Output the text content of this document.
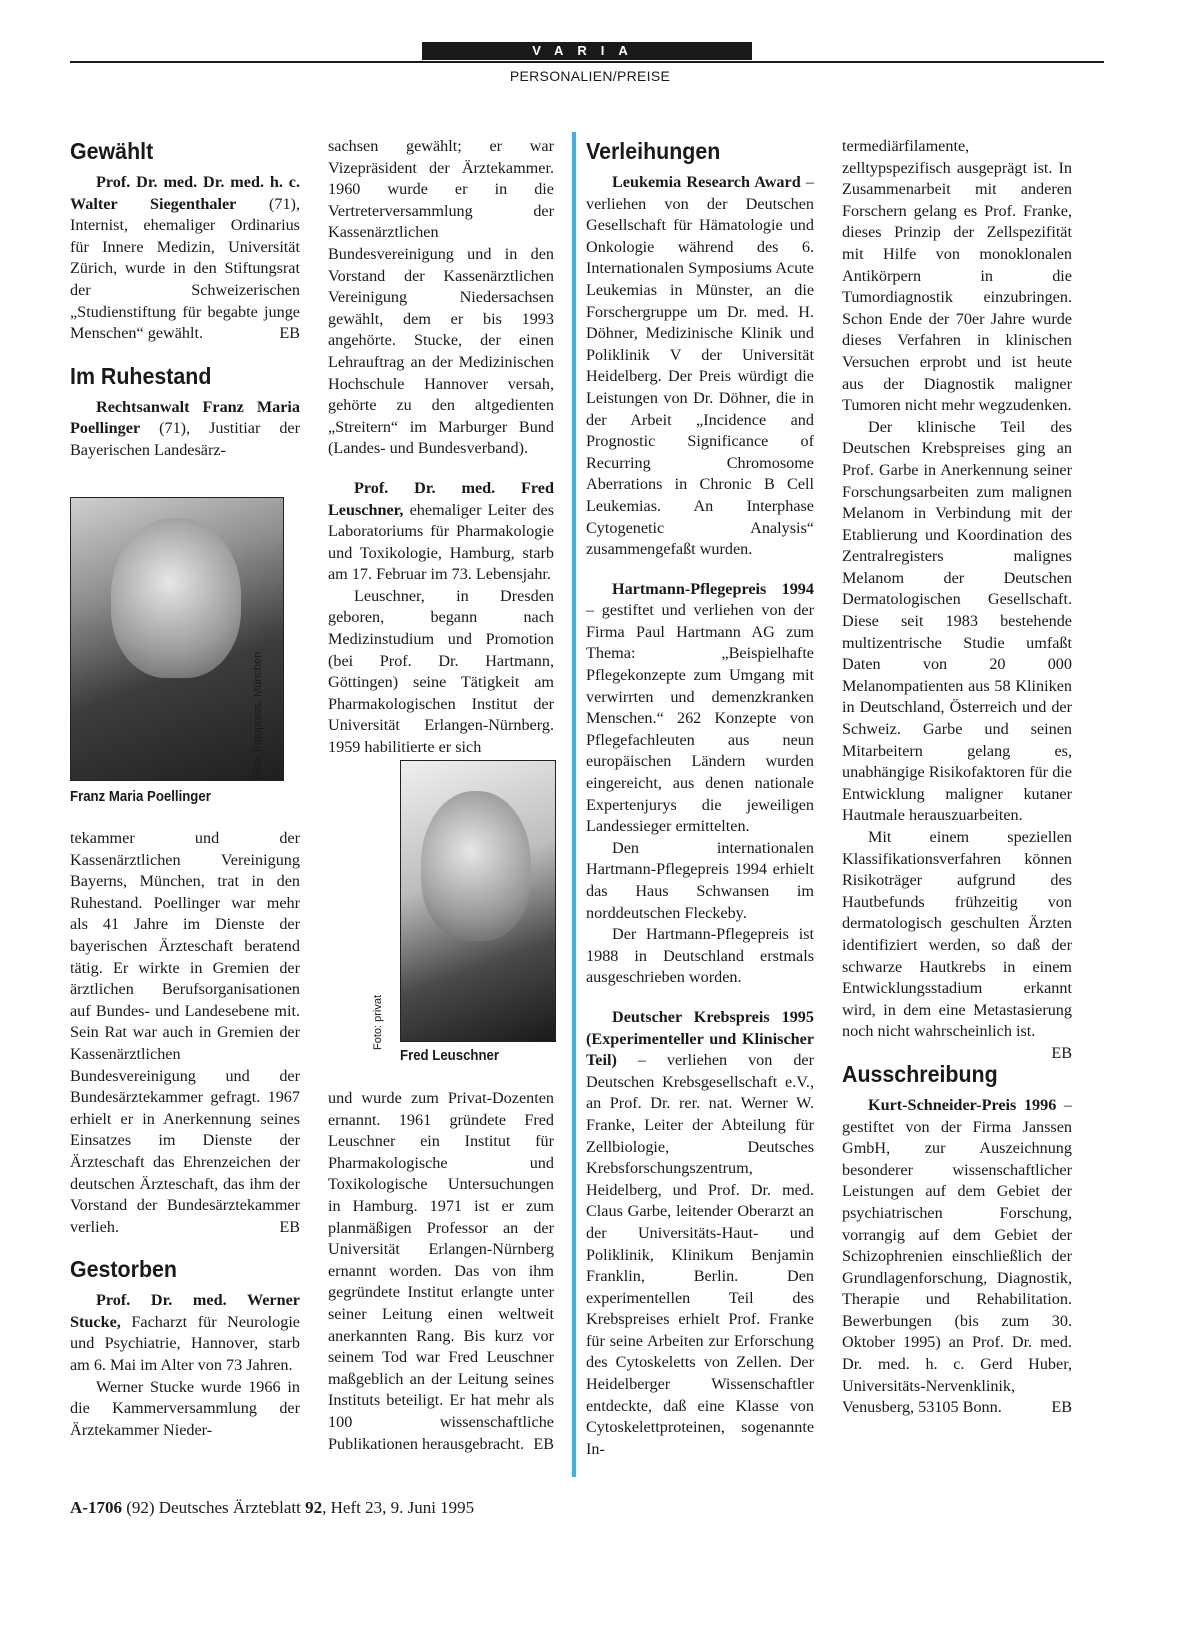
VARIA
PERSONALIEN/PREISE
Gewählt

Prof. Dr. med. Dr. med. h. c. Walter Siegenthaler (71), Internist, ehemaliger Ordinarius für Innere Medizin, Universität Zürich, wurde in den Stiftungsrat der Schweizerischen „Studienstiftung für begabte junge Menschen“ gewählt.	EB

Im Ruhestand

Rechtsanwalt Franz Maria Poellinger (71), Justitiar der Bayerischen Landesärz-

Foto: Fotopress, München
Franz Maria Poellinger

tekammer und der Kassenärztlichen Vereinigung Bayerns, München, trat in den Ruhestand. Poellinger war mehr als 41 Jahre im Dienste der bayerischen Ärzteschaft beratend tätig. Er wirkte in Gremien der ärztlichen Berufsorganisationen auf Bundes- und Landesebene mit. Sein Rat war auch in Gremien der Kassenärztlichen Bundesvereinigung und der Bundesärztekammer gefragt. 1967 erhielt er in Anerkennung seines Einsatzes im Dienste der Ärzteschaft das Ehrenzeichen der deutschen Ärzteschaft, das ihm der Vorstand der Bundesärztekammer verlieh.	EB

Gestorben

Prof. Dr. med. Werner Stucke, Facharzt für Neurologie und Psychiatrie, Hannover, starb am 6. Mai im Alter von 73 Jahren.

Werner Stucke wurde 1966 in die Kammerversammlung der Ärztekammer Nieder-

sachsen gewählt; er war Vizepräsident der Ärztekammer. 1960 wurde er in die Vertreterversammlung der Kassenärztlichen Bundesvereinigung und in den Vorstand der Kassenärztlichen Vereinigung Niedersachsen gewählt, dem er bis 1993 angehörte. Stucke, der einen Lehrauftrag an der Medizinischen Hochschule Hannover versah, gehörte zu den altgedienten „Streitern“ im Marburger Bund (Landes- und Bundesverband).

Prof. Dr. med. Fred Leuschner, ehemaliger Leiter des Laboratoriums für Pharmakologie und Toxikologie, Hamburg, starb am 17. Februar im 73. Lebensjahr.

Leuschner, in Dresden geboren, begann nach Medizinstudium und Promotion (bei Prof. Dr. Hartmann, Göttingen) seine Tätigkeit am Pharmakologischen Institut der Universität Erlangen-Nürnberg. 1959 habilitierte er sich

Foto: privat
Fred Leuschner

und wurde zum Privat-Dozenten ernannt. 1961 gründete Fred Leuschner ein Institut für Pharmakologische und Toxikologische Untersuchungen in Hamburg. 1971 ist er zum planmäßigen Professor an der Universität Erlangen-Nürnberg ernannt worden. Das von ihm gegründete Institut erlangte unter seiner Leitung einen weltweit anerkannten Rang. Bis kurz vor seinem Tod war Fred Leuschner maßgeblich an der Leitung seines Instituts beteiligt. Er hat mehr als 100 wissenschaftliche Publikationen herausgebracht. EB

Verleihungen

Leukemia Research Award – verliehen von der Deutschen Gesellschaft für Hämatologie und Onkologie während des 6. Internationalen Symposiums Acute Leukemias in Münster, an die Forschergruppe um Dr. med. H. Döhner, Medizinische Klinik und Poliklinik V der Universität Heidelberg. Der Preis würdigt die Leistungen von Dr. Döhner, die in der Arbeit „Incidence and Prognostic Significance of Recurring Chromosome Aberrations in Chronic B Cell Leukemias. An Interphase Cytogenetic Analysis“ zusammengefaßt wurden.

Hartmann-Pflegepreis 1994 – gestiftet und verliehen von der Firma Paul Hartmann AG zum Thema: „Beispielhafte Pflegekonzepte zum Umgang mit verwirrten und demenzkranken Menschen.“ 262 Konzepte von Pflegefachleuten aus neun europäischen Ländern wurden eingereicht, aus denen nationale Expertenjurys die jeweiligen Landessieger ermittelten.

Den internationalen Hartmann-Pflegepreis 1994 erhielt das Haus Schwansen im norddeutschen Fleckeby.

Der Hartmann-Pflegepreis ist 1988 in Deutschland erstmals ausgeschrieben worden.

Deutscher Krebspreis 1995 (Experimenteller und Klinischer Teil) – verliehen von der Deutschen Krebsgesellschaft e.V., an Prof. Dr. rer. nat. Werner W. Franke, Leiter der Abteilung für Zellbiologie, Deutsches Krebsforschungszentrum, Heidelberg, und Prof. Dr. med. Claus Garbe, leitender Oberarzt an der Universitäts-Haut- und Poliklinik, Klinikum Benjamin Franklin, Berlin. Den experimentellen Teil des Krebspreises erhielt Prof. Franke für seine Arbeiten zur Erforschung des Cytoskeletts von Zellen. Der Heidelberger Wissenschaftler entdeckte, daß eine Klasse von Cytoskelettproteinen, sogenannte In-

termediärfilamente, zelltypspezifisch ausgeprägt ist. In Zusammenarbeit mit anderen Forschern gelang es Prof. Franke, dieses Prinzip der Zellspezifität mit Hilfe von monoklonalen Antikörpern in die Tumordiagnostik einzubringen. Schon Ende der 70er Jahre wurde dieses Verfahren in klinischen Versuchen erprobt und ist heute aus der Diagnostik maligner Tumoren nicht mehr wegzudenken.

Der klinische Teil des Deutschen Krebspreises ging an Prof. Garbe in Anerkennung seiner Forschungsarbeiten zum malignen Melanom in Verbindung mit der Etablierung und Koordination des Zentralregisters malignes Melanom der Deutschen Dermatologischen Gesellschaft. Diese seit 1983 bestehende multizentrische Studie umfaßt Daten von 20 000 Melanompatienten aus 58 Kliniken in Deutschland, Österreich und der Schweiz. Garbe und seinen Mitarbeitern gelang es, unabhängige Risikofaktoren für die Entwicklung maligner kutaner Hautmale herauszuarbeiten.

Mit einem speziellen Klassifikationsverfahren können Risikoträger aufgrund des Hautbefunds frühzeitig von dermatologisch geschulten Ärzten identifiziert werden, so daß der schwarze Hautkrebs in einem Entwicklungsstadium erkannt wird, in dem eine Metastasierung noch nicht wahrscheinlich ist.
EB

Ausschreibung

Kurt-Schneider-Preis 1996 – gestiftet von der Firma Janssen GmbH, zur Auszeichnung besonderer wissenschaftlicher Leistungen auf dem Gebiet der psychiatrischen Forschung, vorrangig auf dem Gebiet der Schizophrenien einschließlich der Grundlagenforschung, Diagnostik, Therapie und Rehabilitation. Bewerbungen (bis zum 30. Oktober 1995) an Prof. Dr. med. Dr. med. h. c. Gerd Huber, Universitäts-Nervenklinik, Venusberg, 53105 Bonn.	EB

A-1706 (92) Deutsches Ärzteblatt 92, Heft 23, 9. Juni 1995
